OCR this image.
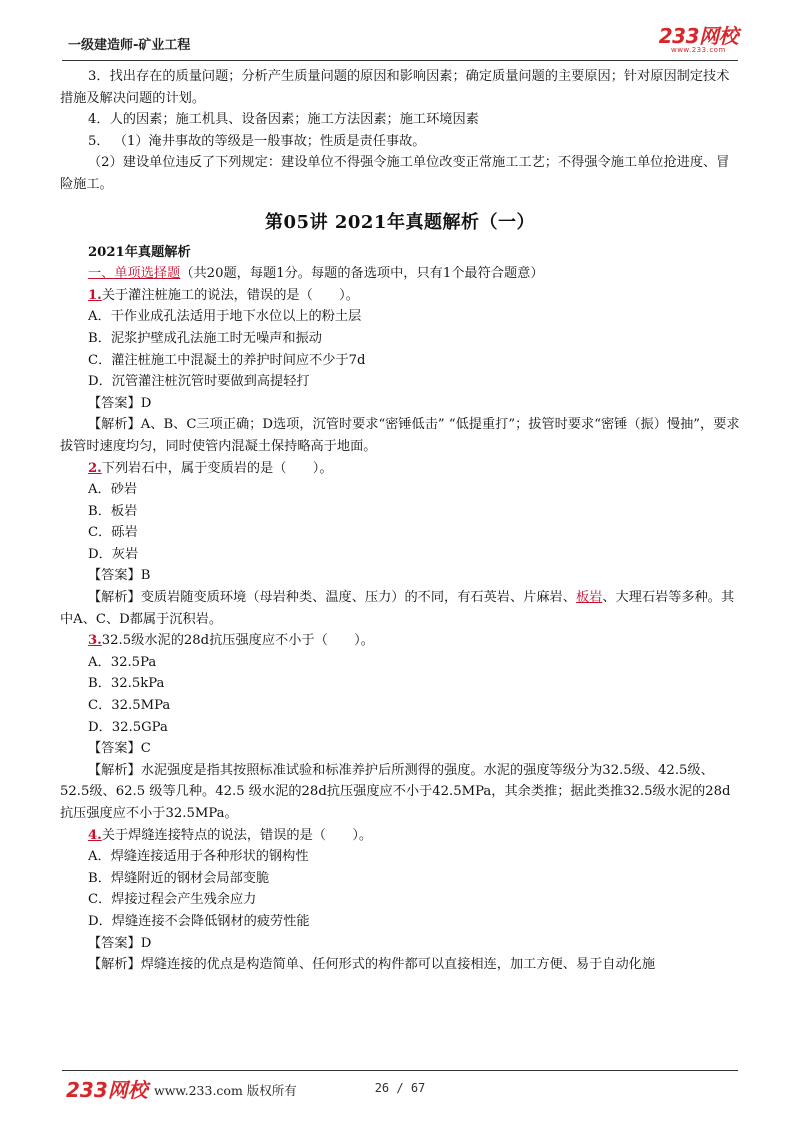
一级建造师-矿业工程	233网校
www.233.com

3．找出存在的质量问题；分析产生质量问题的原因和影响因素；确定质量问题的主要原因；针对原因制定技术措施及解决问题的计划。

4．人的因素；施工机具、设备因素；施工方法因素；施工环境因素

5． （1）淹井事故的等级是一般事故；性质是责任事故。

（2）建设单位违反了下列规定：建设单位不得强令施工单位改变正常施工工艺；不得强令施工单位抢进度、冒险施工。

第05讲 2021年真题解析（一）

2021年真题解析

一、单项选择题（共20题，每题1分。每题的备选项中，只有1个最符合题意）

1.关于灌注桩施工的说法，错误的是（　　）。

A．干作业成孔法适用于地下水位以上的粉土层

B．泥浆护壁成孔法施工时无噪声和振动

C．灌注桩施工中混凝土的养护时间应不少于7d

D．沉管灌注桩沉管时要做到高提轻打

【答案】D

【解析】A、B、C三项正确；D选项，沉管时要求“密锤低击” “低提重打”；拔管时要求“密锤（振）慢抽”，要求拔管时速度均匀，同时使管内混凝土保持略高于地面。

2.下列岩石中，属于变质岩的是（　　）。

A．砂岩

B．板岩

C．砾岩

D．灰岩

【答案】B

【解析】变质岩随变质环境（母岩种类、温度、压力）的不同，有石英岩、片麻岩、板岩、大理石岩等多种。其中A、C、D都属于沉积岩。

3.32.5级水泥的28d抗压强度应不小于（　　）。

A．32.5Pa

B．32.5kPa

C．32.5MPa

D．32.5GPa

【答案】C

【解析】水泥强度是指其按照标准试验和标准养护后所测得的强度。水泥的强度等级分为32.5级、42.5级、52.5级、62.5 级等几种。42.5 级水泥的28d抗压强度应不小于42.5MPa，其余类推；据此类推32.5级水泥的28d抗压强度应不小于32.5MPa。

4.关于焊缝连接特点的说法，错误的是（　　）。

A．焊缝连接适用于各种形状的钢构性

B．焊缝附近的钢材会局部变脆

C．焊接过程会产生残余应力

D．焊缝连接不会降低钢材的疲劳性能

【答案】D

【解析】焊缝连接的优点是构造简单、任何形式的构件都可以直接相连，加工方便、易于自动化施

233网校 www.233.com 版权所有	26 / 67
